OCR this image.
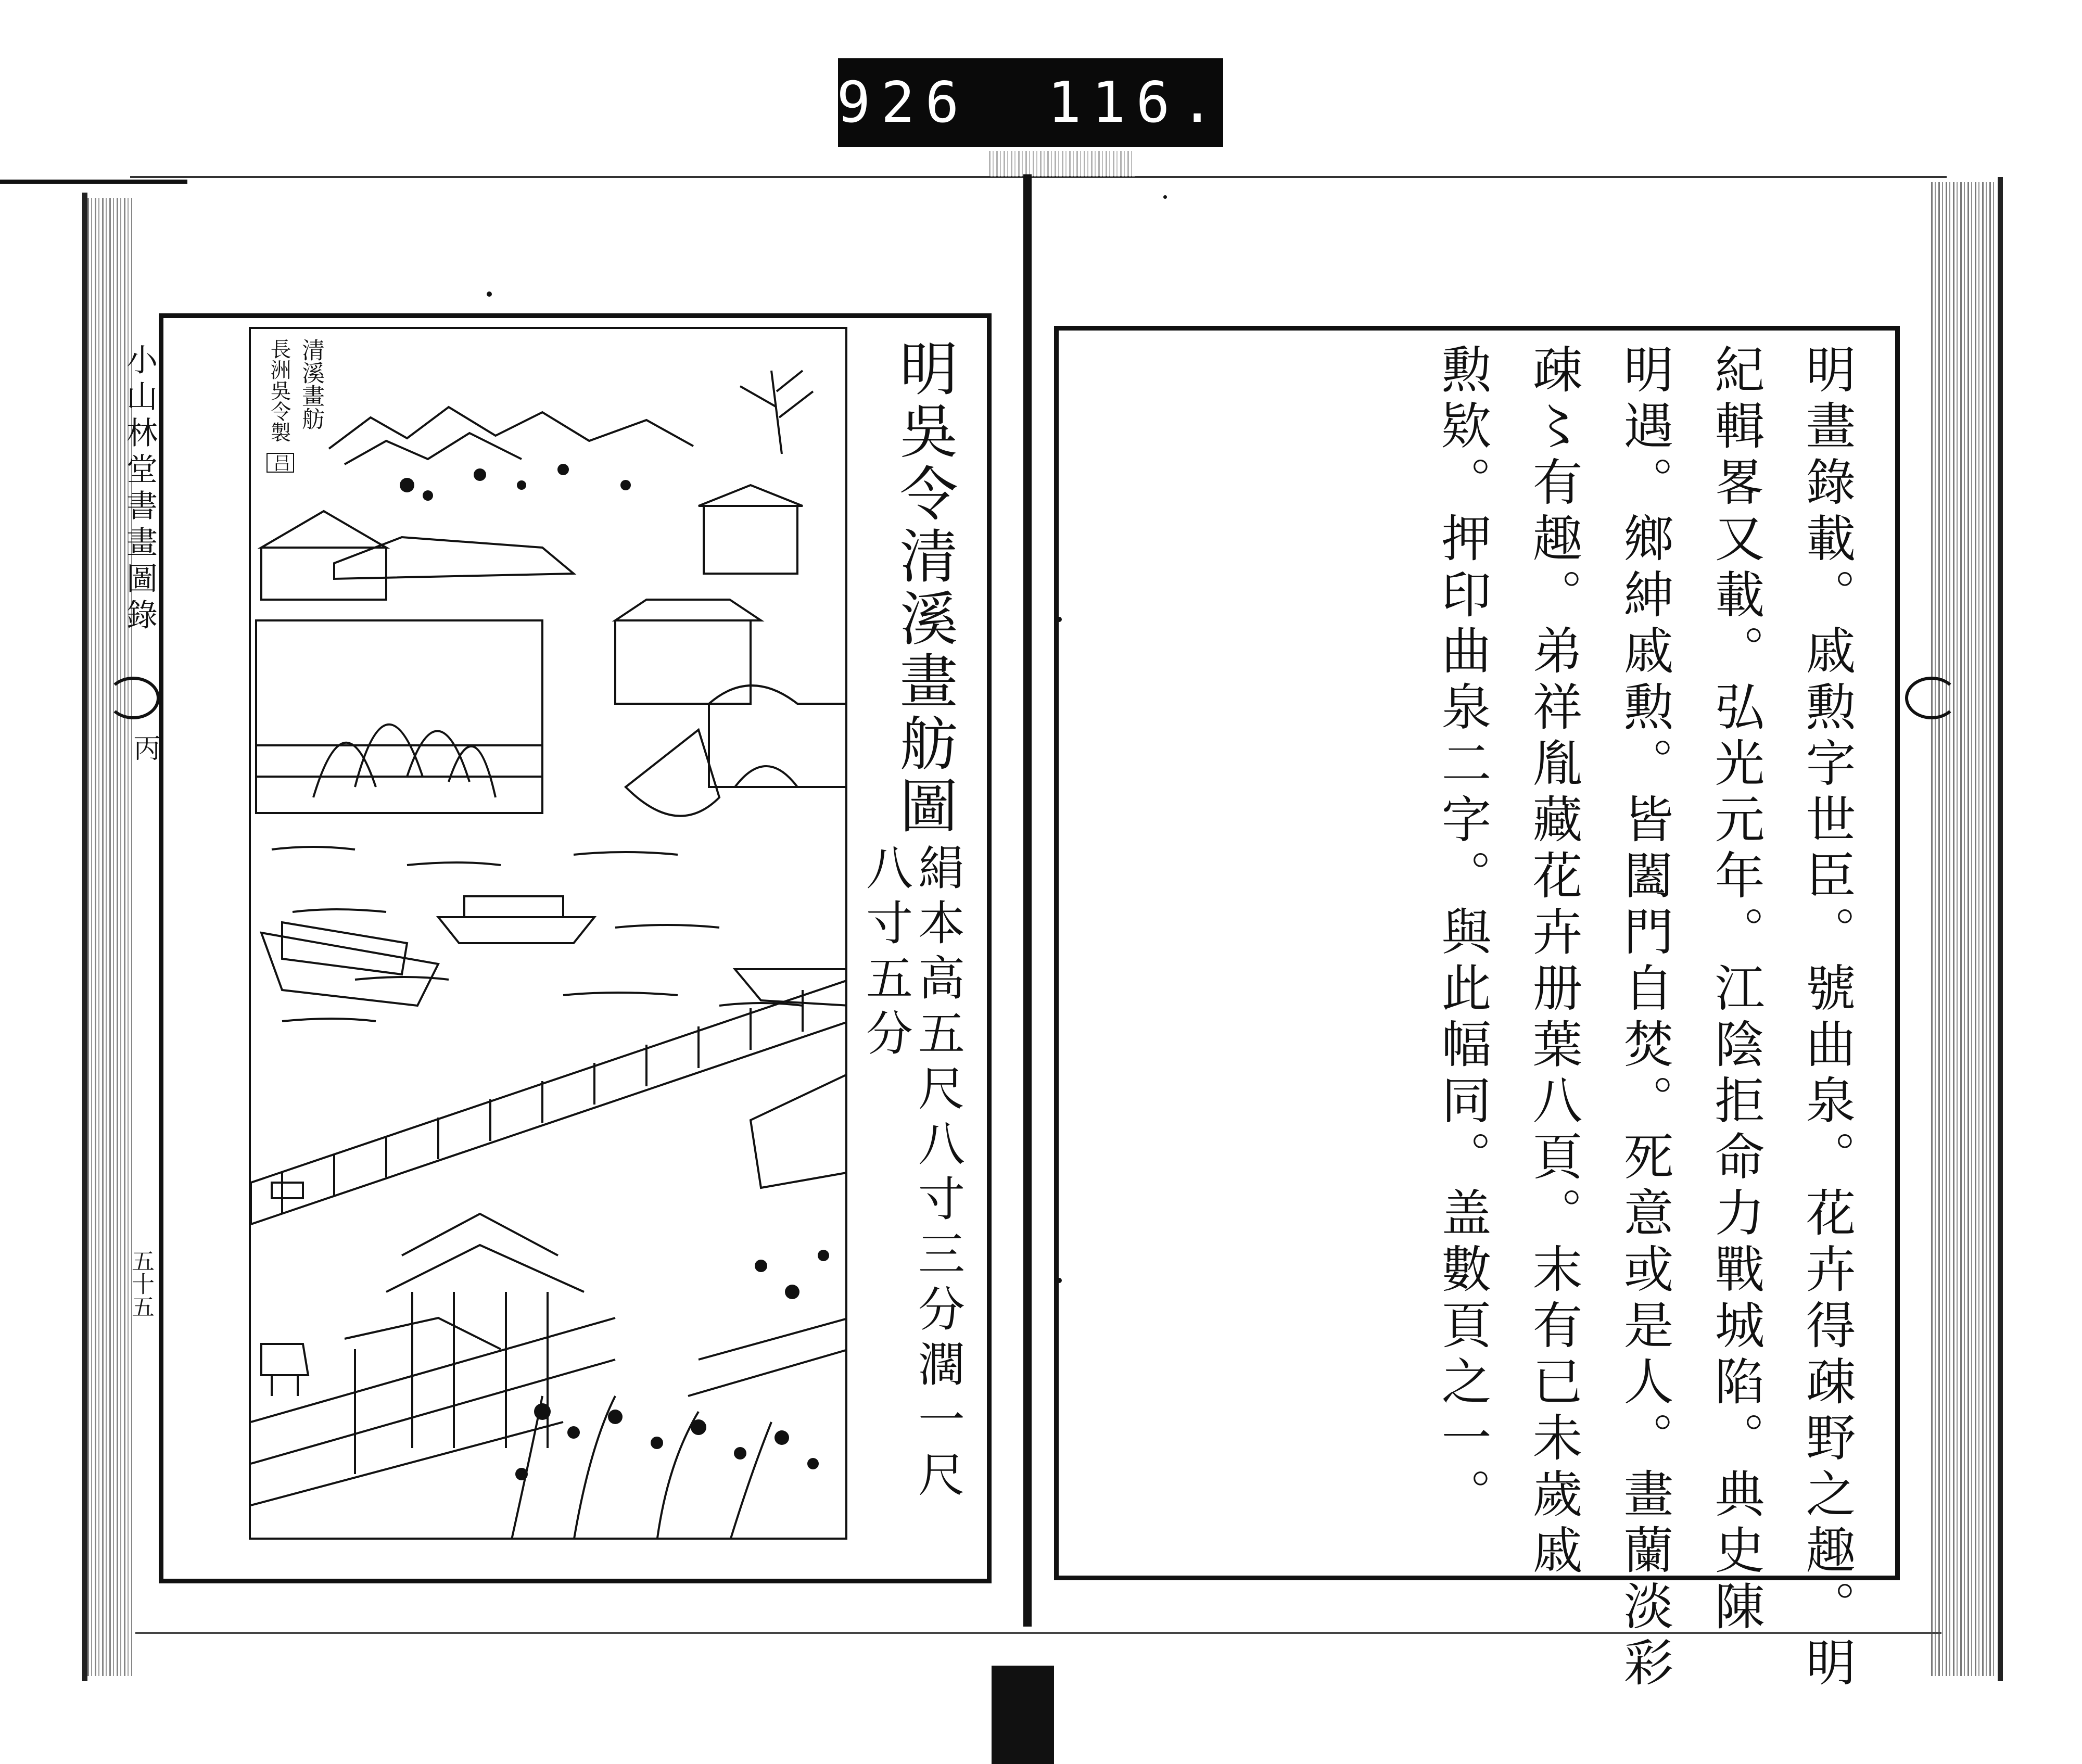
926 116.
小山林堂書畫圖錄
丙
五十五
清溪畫舫
長洲吳令製
吕	明吳令清溪畫舫圖
絹本高五尺八寸三分濶一尺
八寸五分	明畫錄載。戚勲字世臣。號曲泉。花卉得疎野之趣。明
紀輯畧又載。弘光元年。江陰拒命力戰城陷。典史陳
明遇。鄉紳戚勲。皆闔門自焚。死意或是人。畫蘭淡彩
疎〻有趣。弟祥胤藏花卉册葉八頁。末有已未歲戚
勲欵。押印曲泉二字。與此幅同。盖數頁之一。
